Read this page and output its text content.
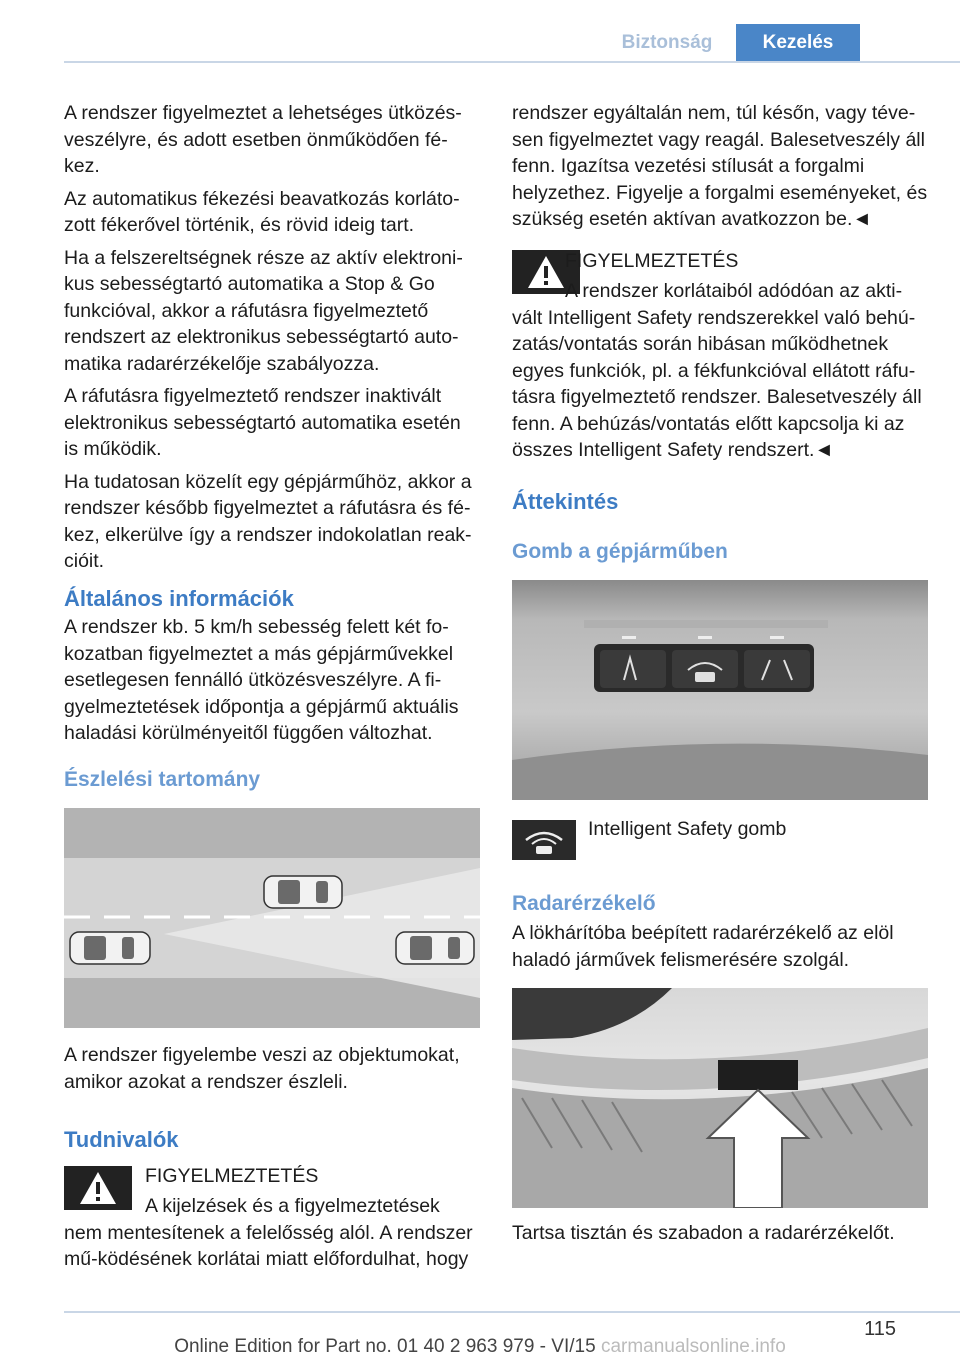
Biztonság	Kezelés

A rendszer figyelmeztet a lehetséges ütközés-veszélyre, és adott esetben önműködően fé-kez.

Az automatikus fékezési beavatkozás korláto-zott fékerővel történik, és rövid ideig tart.

Ha a felszereltségnek része az aktív elektroni-kus sebességtartó automatika a Stop & Go funkcióval, akkor a ráfutásra figyelmeztető rendszert az elektronikus sebességtartó auto-matika radarérzékelője szabályozza.

A ráfutásra figyelmeztető rendszer inaktivált elektronikus sebességtartó automatika esetén is működik.

Ha tudatosan közelít egy gépjárműhöz, akkor a rendszer később figyelmeztet a ráfutásra és fé-kez, elkerülve így a rendszer indokolatlan reak-cióit.

Általános információk
A rendszer kb. 5 km/h sebesség felett két fo-kozatban figyelmeztet a más gépjárművekkel esetlegesen fennálló ütközésveszélyre. A fi-gyelmeztetések időpontja a gépjármű aktuális haladási körülményeitől függően változhat.
Észlelési tartomány
A rendszer figyelembe veszi az objektumokat, amikor azokat a rendszer észleli.
Tudnivalók
FIGYELMEZTETÉS
A kijelzések és a figyelmeztetések nem mentesítenek a felelősség alól. A rendszer mű-ködésének korlátai miatt előfordulhat, hogy
rendszer egyáltalán nem, túl későn, vagy téve-sen figyelmeztet vagy reagál. Balesetveszély áll fenn. Igazítsa vezetési stílusát a forgalmi helyzethez. Figyelje a forgalmi eseményeket, és szükség esetén aktívan avatkozzon be.◄
FIGYELMEZTETÉS
A rendszer korlátaiból adódóan az akti-vált Intelligent Safety rendszerekkel való behú-zatás/vontatás során hibásan működhetnek egyes funkciók, pl. a fékfunkcióval ellátott ráfu-tásra figyelmeztető rendszer. Balesetveszély áll fenn. A behúzás/vontatás előtt kapcsolja ki az összes Intelligent Safety rendszert.◄
Áttekintés
Gomb a gépjárműben
Intelligent Safety gomb
Radarérzékelő
A lökhárítóba beépített radarérzékelő az elöl haladó járművek felismerésére szolgál.
Tartsa tisztán és szabadon a radarérzékelőt.
115
Online Edition for Part no. 01 40 2 963 979 - VI/15 carmanualsonline.info
